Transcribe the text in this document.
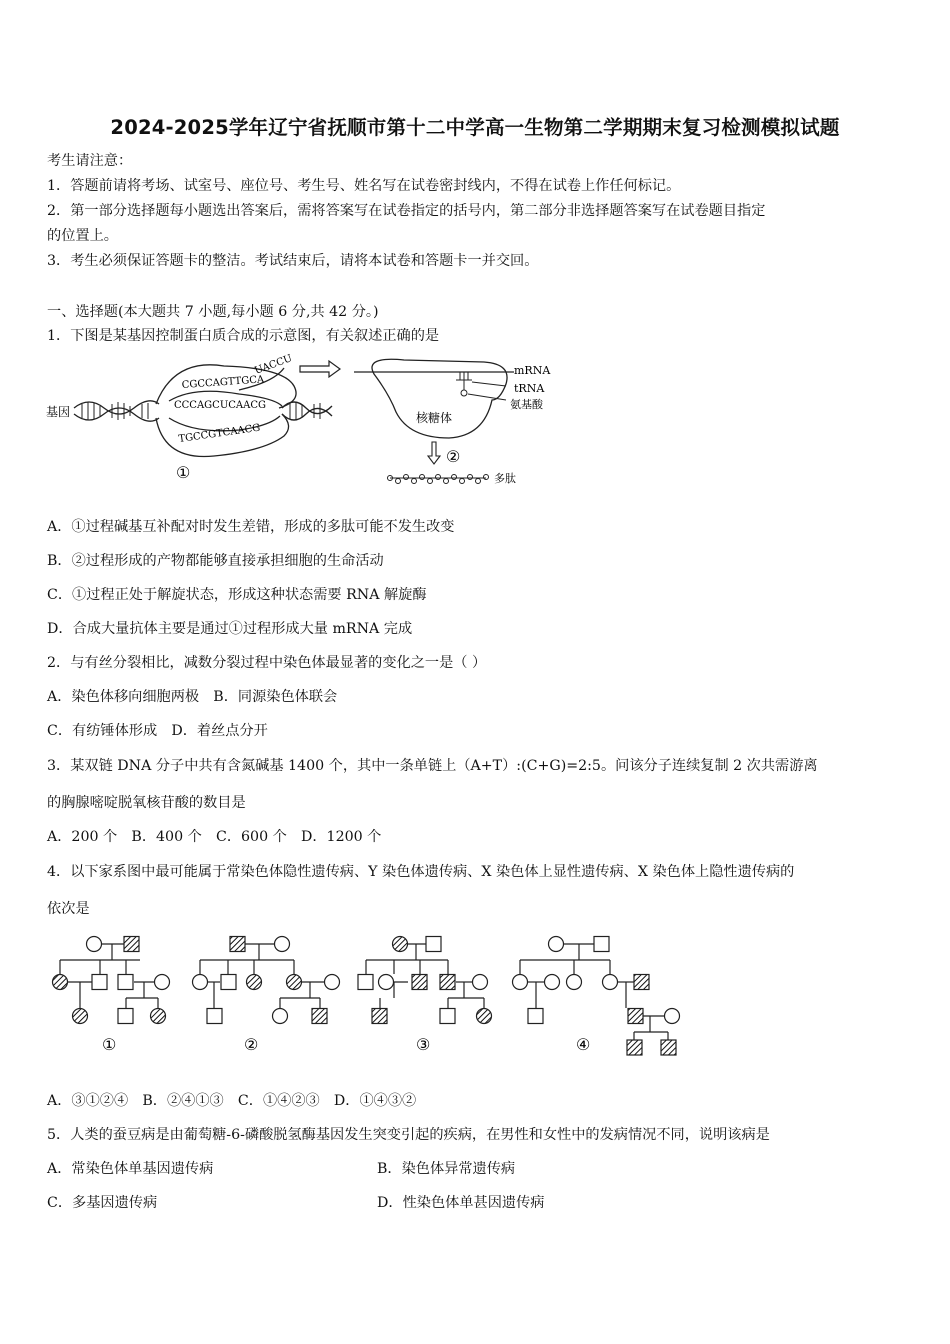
2024-2025学年辽宁省抚顺市第十二中学高一生物第二学期期末复习检测模拟试题
考生请注意：
1．答题前请将考场、试室号、座位号、考生号、姓名写在试卷密封线内，不得在试卷上作任何标记。
2．第一部分选择题每小题选出答案后，需将答案写在试卷指定的括号内，第二部分非选择题答案写在试卷题目指定
的位置上。
3．考生必须保证答题卡的整洁。考试结束后，请将本试卷和答题卡一并交回。
一、选择题(本大题共 7 小题,每小题 6 分,共 42 分。)
1．下图是某基因控制蛋白质合成的示意图，有关叙述正确的是
基因
CGCCAGTTGCA
CCCAGCUCAACG
UACCU
TGCCGTCAACG
①
mRNA
tRNA
氨基酸
核糖体
②
多肽
A．①过程碱基互补配对时发生差错，形成的多肽可能不发生改变
B．②过程形成的产物都能够直接承担细胞的生命活动
C．①过程正处于解旋状态，形成这种状态需要 RNA 解旋酶
D．合成大量抗体主要是通过①过程形成大量 mRNA 完成
2．与有丝分裂相比，减数分裂过程中染色体最显著的变化之一是（ ）
A．染色体移向细胞两极　B．同源染色体联会
C．有纺锤体形成　D．着丝点分开
3．某双链 DNA 分子中共有含氮碱基 1400 个，其中一条单链上（A+T）:(C+G)=2:5。问该分子连续复制 2 次共需游离
的胸腺嘧啶脱氧核苷酸的数目是
A．200 个　B．400 个　C．600 个　D．1200 个
4．以下家系图中最可能属于常染色体隐性遗传病、Y 染色体遗传病、X 染色体上显性遗传病、X 染色体上隐性遗传病的
依次是
①	②	③	④
A．③①②④　B．②④①③　C．①④②③　D．①④③②
5．人类的蚕豆病是由葡萄糖-6-磷酸脱氢酶基因发生突变引起的疾病，在男性和女性中的发病情况不同，说明该病是
A．常染色体单基因遗传病	B．染色体异常遗传病
C．多基因遗传病	D．性染色体单甚因遗传病
